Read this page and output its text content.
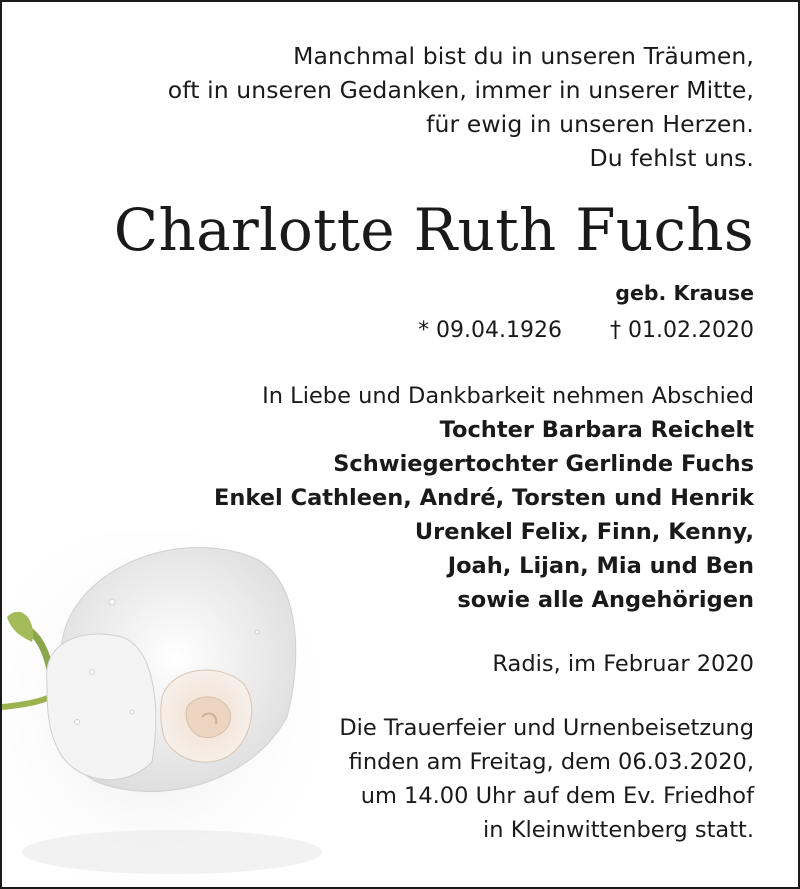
Manchmal bist du in unseren Träumen,
oft in unseren Gedanken, immer in unserer Mitte,
für ewig in unseren Herzen.
Du fehlst uns.
Charlotte Ruth Fuchs
geb. Krause
* 09.04.1926 † 01.02.2020
In Liebe und Dankbarkeit nehmen Abschied
Tochter Barbara Reichelt
Schwiegertochter Gerlinde Fuchs
Enkel Cathleen, André, Torsten und Henrik
Urenkel Felix, Finn, Kenny,
Joah, Lijan, Mia und Ben
sowie alle Angehörigen
Radis, im Februar 2020
Die Trauerfeier und Urnenbeisetzung
finden am Freitag, dem 06.03.2020,
um 14.00 Uhr auf dem Ev. Friedhof
in Kleinwittenberg statt.
